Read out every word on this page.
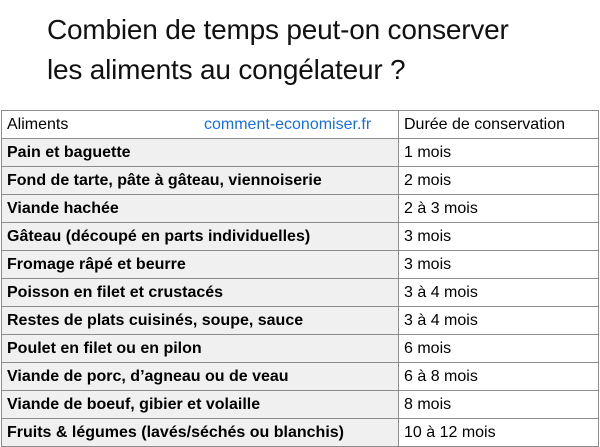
Combien de temps peut-on conserver
les aliments au congélateur ?
Aliments comment-economiser.fr	Durée de conservation
Pain et baguette	1 mois
Fond de tarte, pâte à gâteau, viennoiserie	2 mois
Viande hachée	2 à 3 mois
Gâteau (découpé en parts individuelles)	3 mois
Fromage râpé et beurre	3 mois
Poisson en filet et crustacés	3 à 4 mois
Restes de plats cuisinés, soupe, sauce	3 à 4 mois
Poulet en filet ou en pilon	6 mois
Viande de porc, d’agneau ou de veau	6 à 8 mois
Viande de boeuf, gibier et volaille	8 mois
Fruits & légumes (lavés/séchés ou blanchis)	10 à 12 mois
